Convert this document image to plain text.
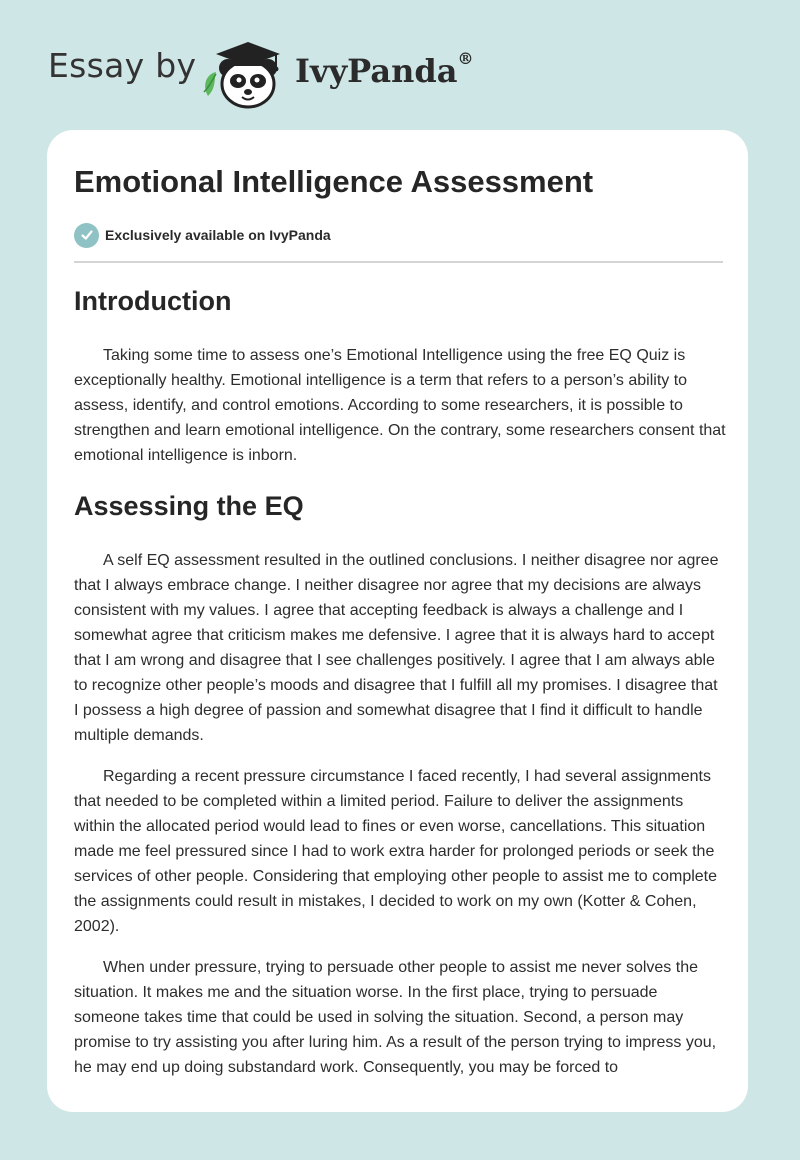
Essay by	IvyPanda®
Emotional Intelligence Assessment
Exclusively available on IvyPanda
Introduction

Taking some time to assess one’s Emotional Intelligence using the free EQ Quiz is exceptionally healthy. Emotional intelligence is a term that refers to a person’s ability to assess, identify, and control emotions. According to some researchers, it is possible to strengthen and learn emotional intelligence. On the contrary, some researchers consent that emotional intelligence is inborn.

Assessing the EQ

A self EQ assessment resulted in the outlined conclusions. I neither disagree nor agree that I always embrace change. I neither disagree nor agree that my decisions are always consistent with my values. I agree that accepting feedback is always a challenge and I somewhat agree that criticism makes me defensive. I agree that it is always hard to accept that I am wrong and disagree that I see challenges positively. I agree that I am always able to recognize other people’s moods and disagree that I fulfill all my promises. I disagree that I possess a high degree of passion and somewhat disagree that I find it difficult to handle multiple demands.

Regarding a recent pressure circumstance I faced recently, I had several assignments that needed to be completed within a limited period. Failure to deliver the assignments within the allocated period would lead to fines or even worse, cancellations. This situation made me feel pressured since I had to work extra harder for prolonged periods or seek the services of other people. Considering that employing other people to assist me to complete the assignments could result in mistakes, I decided to work on my own (Kotter & Cohen, 2002).

When under pressure, trying to persuade other people to assist me never solves the situation. It makes me and the situation worse. In the first place, trying to persuade someone takes time that could be used in solving the situation. Second, a person may promise to try assisting you after luring him. As a result of the person trying to impress you, he may end up doing substandard work. Consequently, you may be forced to
